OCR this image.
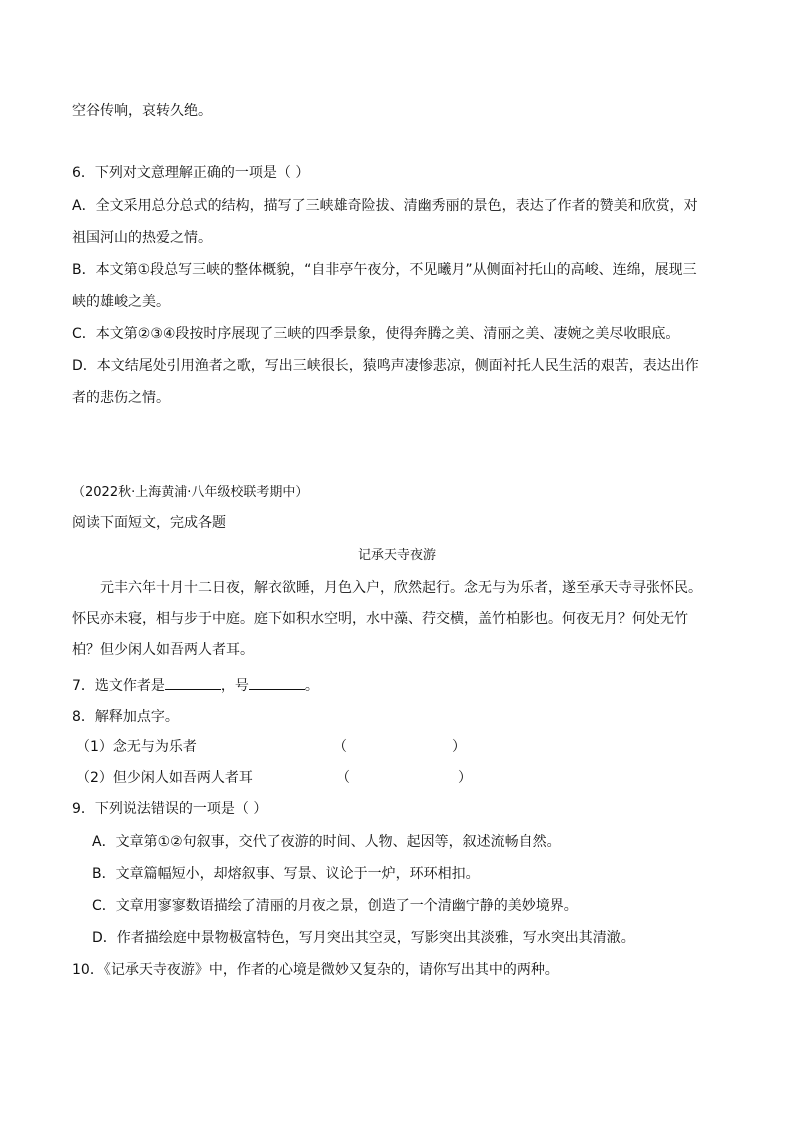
空谷传响，哀转久绝。
6．下列对文意理解正确的一项是（ ）
A．全文采用总分总式的结构，描写了三峡雄奇险拔、清幽秀丽的景色，表达了作者的赞美和欣赏，对
祖国河山的热爱之情。
B．本文第①段总写三峡的整体概貌，“自非亭午夜分，不见曦月”从侧面衬托山的高峻、连绵，展现三
峡的雄峻之美。
C．本文第②③④段按时序展现了三峡的四季景象，使得奔腾之美、清丽之美、凄婉之美尽收眼底。
D．本文结尾处引用渔者之歌，写出三峡很长，猿鸣声凄惨悲凉，侧面衬托人民生活的艰苦，表达出作
者的悲伤之情。
（2022秋·上海黄浦·八年级校联考期中）
阅读下面短文，完成各题
记承天寺夜游
元丰六年十月十二日夜，解衣欲睡，月色入户，欣然起行。念无与为乐者，遂至承天寺寻张怀民。
怀民亦未寝，相与步于中庭。庭下如积水空明，水中藻、荇交横，盖竹柏影也。何夜无月？何处无竹
柏？但少闲人如吾两人者耳。
7．选文作者是	，号	。
8．解释加点字。
（1）念无与为乐者	（	）
（2）但少闲人如吾两人者耳	（	）
9．下列说法错误的一项是（ ）
A．文章第①②句叙事，交代了夜游的时间、人物、起因等，叙述流畅自然。
B．文章篇幅短小，却熔叙事、写景、议论于一炉，环环相扣。
C．文章用寥寥数语描绘了清丽的月夜之景，创造了一个清幽宁静的美妙境界。
D．作者描绘庭中景物极富特色，写月突出其空灵，写影突出其淡雅，写水突出其清澈。
10．《记承天寺夜游》中，作者的心境是微妙又复杂的，请你写出其中的两种。
